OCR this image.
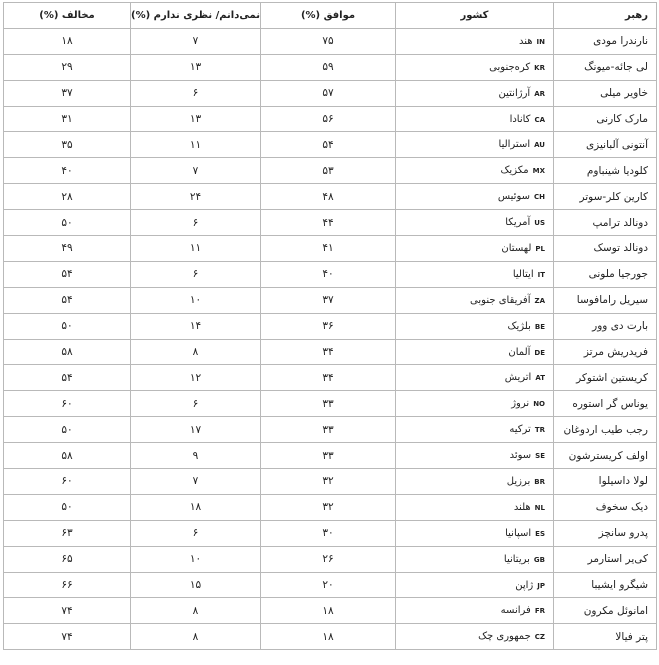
رهبر	کشور	موافق (%)	نمی‌دانم/ نظری ندارم (%)	مخالف (%)
نارندرا مودی	INهند	۷۵	۷	۱۸
لی جائه-میونگ	KRکره‌جنوبی	۵۹	۱۳	۲۹
خاویر میلی	ARآرژانتین	۵۷	۶	۳۷
مارک کارنی	CAکانادا	۵۶	۱۳	۳۱
آنتونی آلبانیزی	AUاسترالیا	۵۴	۱۱	۳۵
کلودیا شینباوم	MXمکزیک	۵۳	۷	۴۰
کارین کلر-سوتر	CHسوئیس	۴۸	۲۴	۲۸
دونالد ترامپ	USآمریکا	۴۴	۶	۵۰
دونالد توسک	PLلهستان	۴۱	۱۱	۴۹
جورجیا ملونی	ITایتالیا	۴۰	۶	۵۴
سیریل رامافوسا	ZAآفریقای جنوبی	۳۷	۱۰	۵۴
بارت دی وور	BEبلژیک	۳۶	۱۴	۵۰
فریدریش مرتز	DEآلمان	۳۴	۸	۵۸
کریستین اشتوکر	ATاتریش	۳۴	۱۲	۵۴
یوناس گر استوره	NOنروژ	۳۳	۶	۶۰
رجب طیب اردوغان	TRترکیه	۳۳	۱۷	۵۰
اولف کریسترشون	SEسوئد	۳۳	۹	۵۸
لولا داسیلوا	BRبرزیل	۳۲	۷	۶۰
دیک سخوف	NLهلند	۳۲	۱۸	۵۰
پدرو سانچز	ESاسپانیا	۳۰	۶	۶۳
کی‌یر استارمر	GBبریتانیا	۲۶	۱۰	۶۵
شیگرو ایشیبا	JPژاپن	۲۰	۱۵	۶۶
امانوئل مکرون	FRفرانسه	۱۸	۸	۷۴
پتر فیالا	CZجمهوری چک	۱۸	۸	۷۴
